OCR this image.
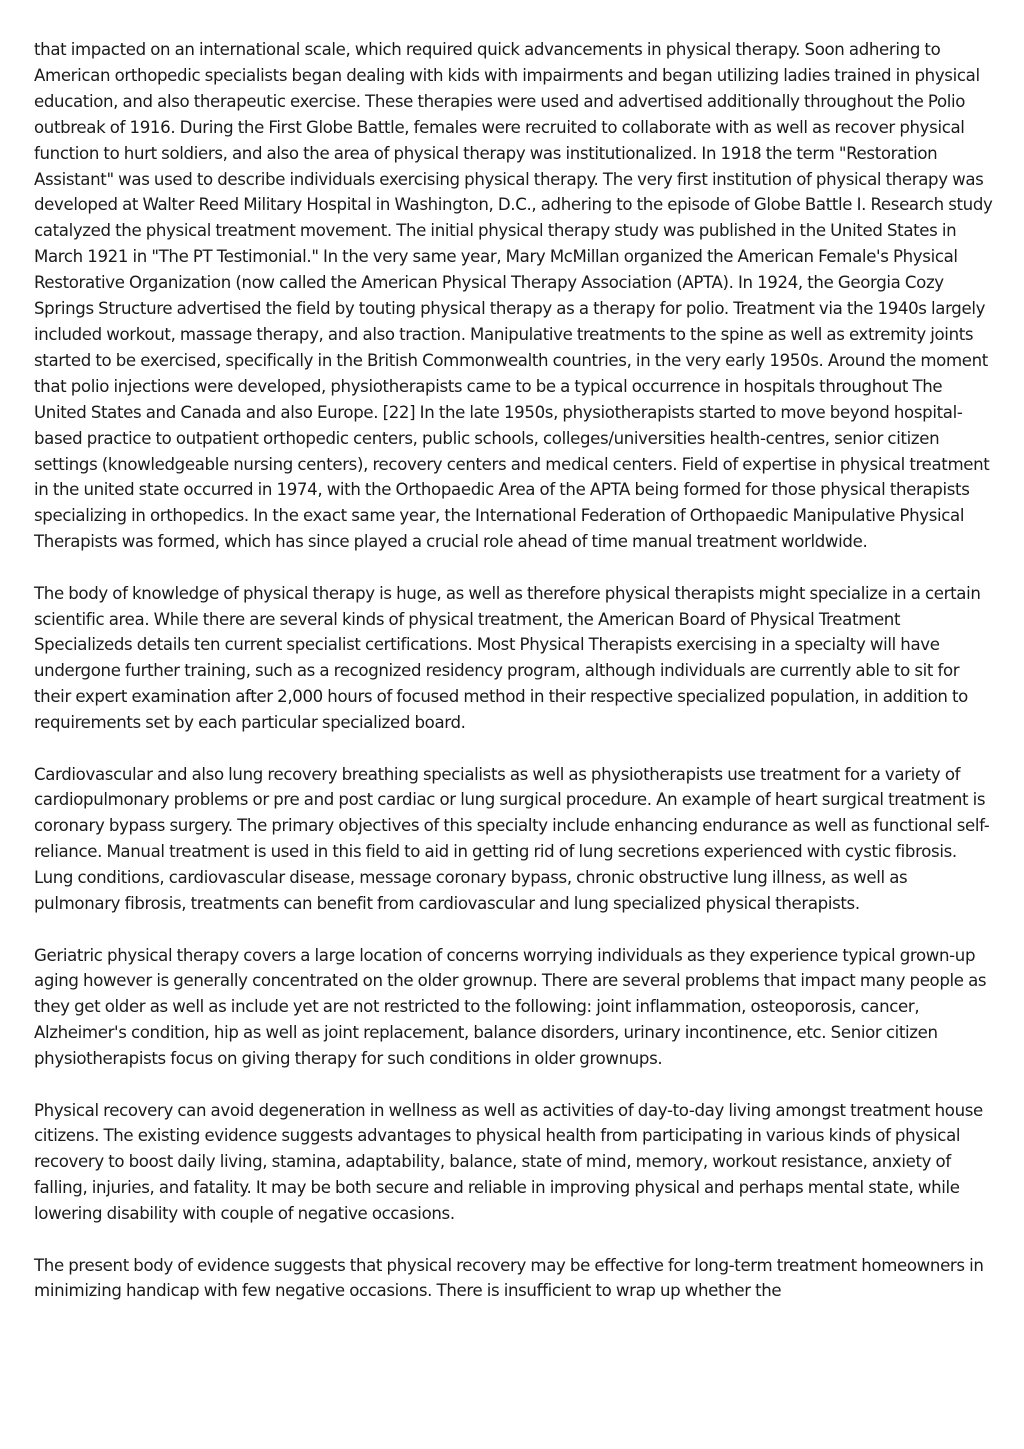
that impacted on an international scale, which required quick advancements in physical therapy. Soon adhering to American orthopedic specialists began dealing with kids with impairments and began utilizing ladies trained in physical education, and also therapeutic exercise. These therapies were used and advertised additionally throughout the Polio outbreak of 1916. During the First Globe Battle, females were recruited to collaborate with as well as recover physical function to hurt soldiers, and also the area of physical therapy was institutionalized. In 1918 the term "Restoration Assistant" was used to describe individuals exercising physical therapy. The very first institution of physical therapy was developed at Walter Reed Military Hospital in Washington, D.C., adhering to the episode of Globe Battle I. Research study catalyzed the physical treatment movement. The initial physical therapy study was published in the United States in March 1921 in "The PT Testimonial." In the very same year, Mary McMillan organized the American Female's Physical Restorative Organization (now called the American Physical Therapy Association (APTA). In 1924, the Georgia Cozy Springs Structure advertised the field by touting physical therapy as a therapy for polio. Treatment via the 1940s largely included workout, massage therapy, and also traction. Manipulative treatments to the spine as well as extremity joints started to be exercised, specifically in the British Commonwealth countries, in the very early 1950s. Around the moment that polio injections were developed, physiotherapists came to be a typical occurrence in hospitals throughout The United States and Canada and also Europe. [22] In the late 1950s, physiotherapists started to move beyond hospital-based practice to outpatient orthopedic centers, public schools, colleges/universities health-centres, senior citizen settings (knowledgeable nursing centers), recovery centers and medical centers. Field of expertise in physical treatment in the united state occurred in 1974, with the Orthopaedic Area of the APTA being formed for those physical therapists specializing in orthopedics. In the exact same year, the International Federation of Orthopaedic Manipulative Physical Therapists was formed, which has since played a crucial role ahead of time manual treatment worldwide.

The body of knowledge of physical therapy is huge, as well as therefore physical therapists might specialize in a certain scientific area. While there are several kinds of physical treatment, the American Board of Physical Treatment Specializeds details ten current specialist certifications. Most Physical Therapists exercising in a specialty will have undergone further training, such as a recognized residency program, although individuals are currently able to sit for their expert examination after 2,000 hours of focused method in their respective specialized population, in addition to requirements set by each particular specialized board.

Cardiovascular and also lung recovery breathing specialists as well as physiotherapists use treatment for a variety of cardiopulmonary problems or pre and post cardiac or lung surgical procedure. An example of heart surgical treatment is coronary bypass surgery. The primary objectives of this specialty include enhancing endurance as well as functional self-reliance. Manual treatment is used in this field to aid in getting rid of lung secretions experienced with cystic fibrosis. Lung conditions, cardiovascular disease, message coronary bypass, chronic obstructive lung illness, as well as pulmonary fibrosis, treatments can benefit from cardiovascular and lung specialized physical therapists.

Geriatric physical therapy covers a large location of concerns worrying individuals as they experience typical grown-up aging however is generally concentrated on the older grownup. There are several problems that impact many people as they get older as well as include yet are not restricted to the following: joint inflammation, osteoporosis, cancer, Alzheimer's condition, hip as well as joint replacement, balance disorders, urinary incontinence, etc. Senior citizen physiotherapists focus on giving therapy for such conditions in older grownups.

Physical recovery can avoid degeneration in wellness as well as activities of day-to-day living amongst treatment house citizens. The existing evidence suggests advantages to physical health from participating in various kinds of physical recovery to boost daily living, stamina, adaptability, balance, state of mind, memory, workout resistance, anxiety of falling, injuries, and fatality. It may be both secure and reliable in improving physical and perhaps mental state, while lowering disability with couple of negative occasions.

The present body of evidence suggests that physical recovery may be effective for long-term treatment homeowners in minimizing handicap with few negative occasions. There is insufficient to wrap up whether the
